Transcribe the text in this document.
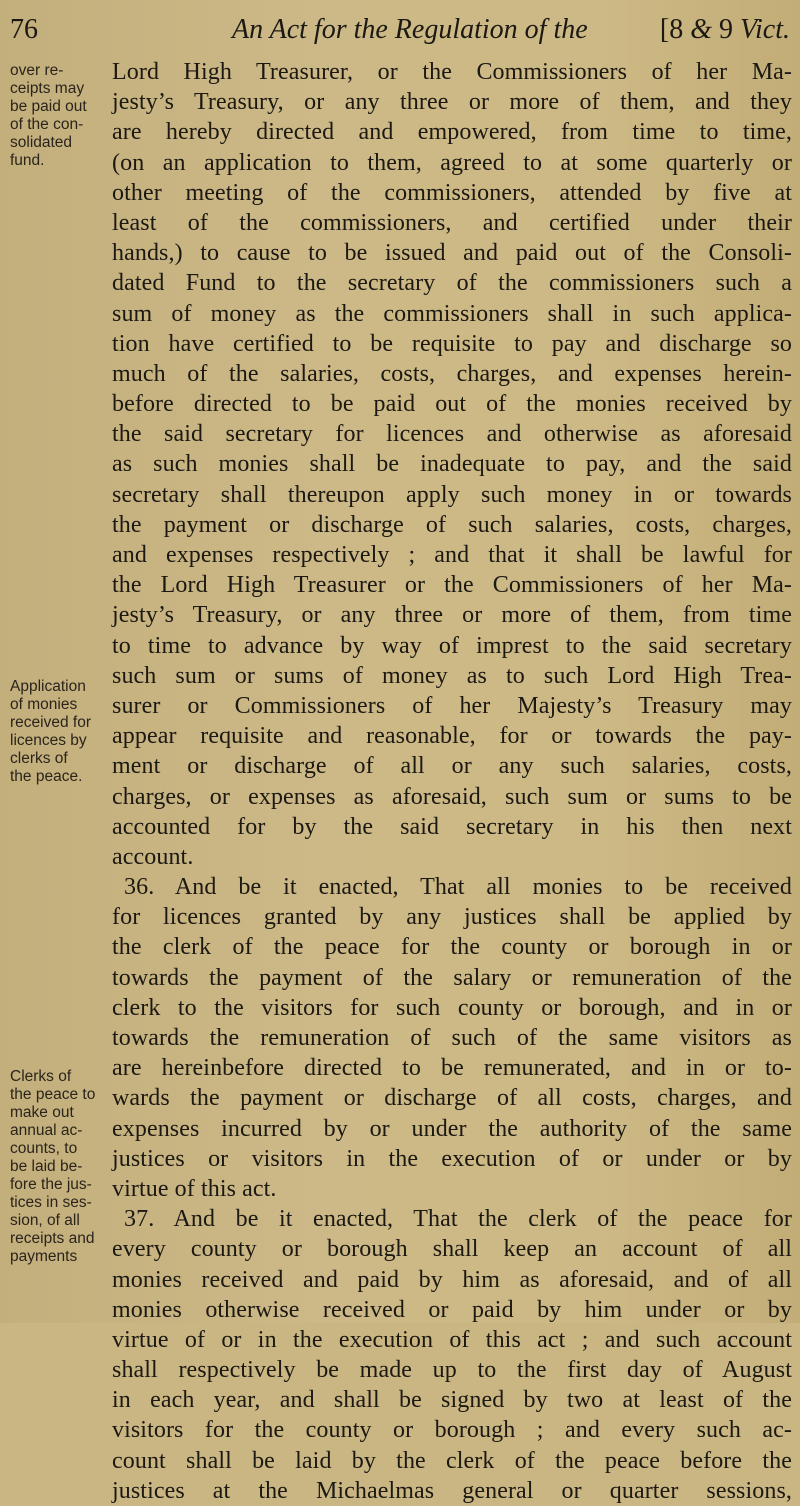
76	An Act for the Regulation of the	[8 & 9 Vict.
over re-
ceipts may
be paid out
of the con-
solidated
fund.
Application
of monies
received for
licences by
clerks of
the peace.
Clerks of
the peace to
make out
annual ac-
counts, to
be laid be-
fore the jus-
tices in ses-
sion, of all
receipts and
payments
Lord High Treasurer, or the Commissioners of her Ma-
jesty’s Treasury, or any three or more of them, and they
are hereby directed and empowered, from time to time,
(on an application to them, agreed to at some quarterly or
other meeting of the commissioners, attended by five at
least of the commissioners, and certified under their
hands,) to cause to be issued and paid out of the Consoli-
dated Fund to the secretary of the commissioners such a
sum of money as the commissioners shall in such applica-
tion have certified to be requisite to pay and discharge so
much of the salaries, costs, charges, and expenses herein-
before directed to be paid out of the monies received by
the said secretary for licences and otherwise as aforesaid
as such monies shall be inadequate to pay, and the said
secretary shall thereupon apply such money in or towards
the payment or discharge of such salaries, costs, charges,
and expenses respectively ; and that it shall be lawful for
the Lord High Treasurer or the Commissioners of her Ma-
jesty’s Treasury, or any three or more of them, from time
to time to advance by way of imprest to the said secretary
such sum or sums of money as to such Lord High Trea-
surer or Commissioners of her Majesty’s Treasury may
appear requisite and reasonable, for or towards the pay-
ment or discharge of all or any such salaries, costs,
charges, or expenses as aforesaid, such sum or sums to be
accounted for by the said secretary in his then next
account.
36. And be it enacted, That all monies to be received
for licences granted by any justices shall be applied by
the clerk of the peace for the county or borough in or
towards the payment of the salary or remuneration of the
clerk to the visitors for such county or borough, and in or
towards the remuneration of such of the same visitors as
are hereinbefore directed to be remunerated, and in or to-
wards the payment or discharge of all costs, charges, and
expenses incurred by or under the authority of the same
justices or visitors in the execution of or under or by
virtue of this act.
37. And be it enacted, That the clerk of the peace for
every county or borough shall keep an account of all
monies received and paid by him as aforesaid, and of all
monies otherwise received or paid by him under or by
virtue of or in the execution of this act ; and such account
shall respectively be made up to the first day of August
in each year, and shall be signed by two at least of the
visitors for the county or borough ; and every such ac-
count shall be laid by the clerk of the peace before the
justices at the Michaelmas general or quarter sessions,
